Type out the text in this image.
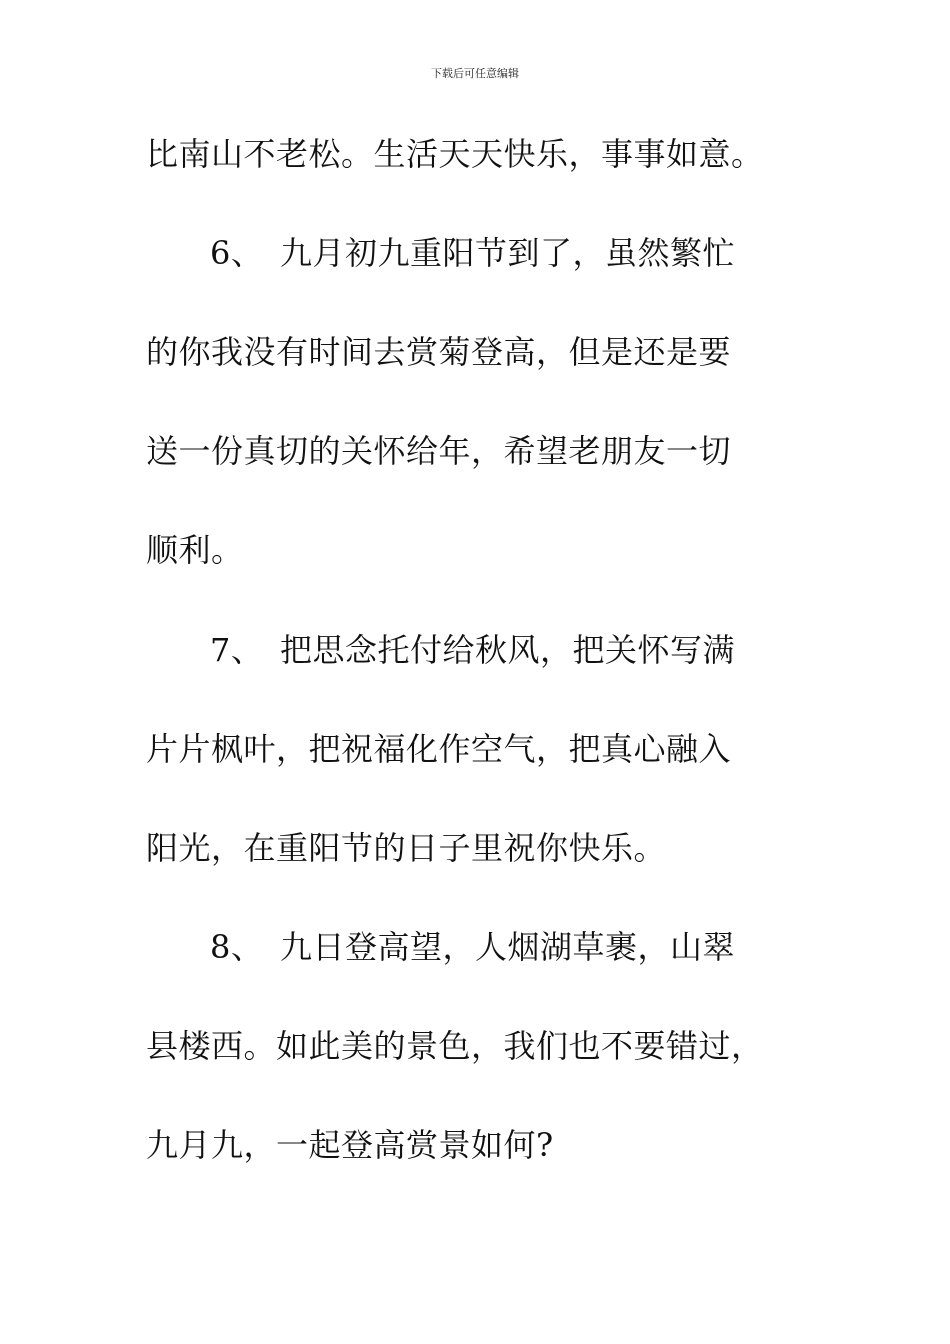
下载后可任意编辑
比南山不老松。生活天天快乐，事事如意。
6、 九月初九重阳节到了，虽然繁忙
的你我没有时间去赏菊登高，但是还是要
送一份真切的关怀给年，希望老朋友一切
顺利。
7、 把思念托付给秋风，把关怀写满
片片枫叶，把祝福化作空气，把真心融入
阳光，在重阳节的日子里祝你快乐。
8、 九日登高望，人烟湖草裹，山翠
县楼西。如此美的景色，我们也不要错过，
九月九，一起登高赏景如何?
